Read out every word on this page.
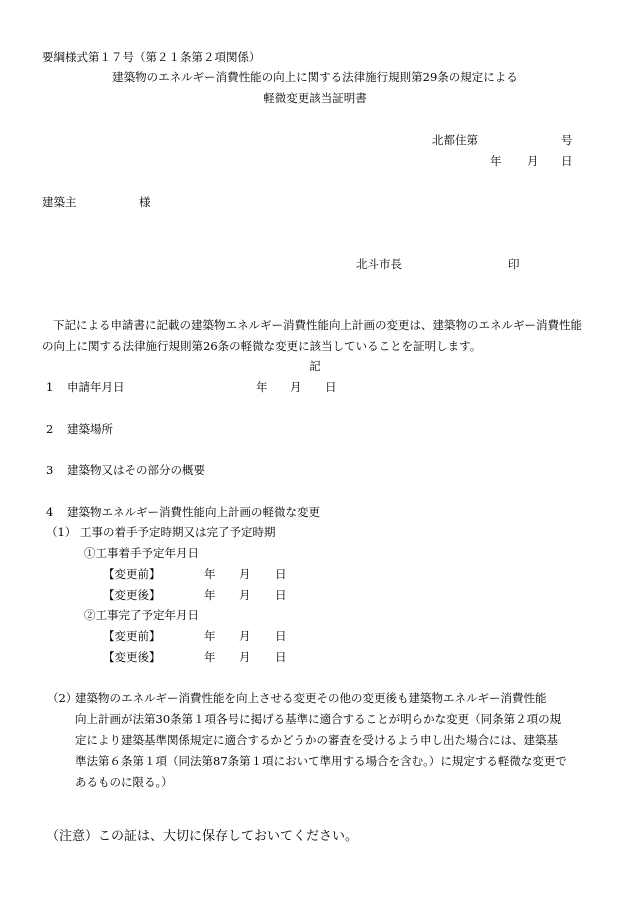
要綱様式第１７号（第２１条第２項関係）
建築物のエネルギー消費性能の向上に関する法律施行規則第29条の規定による
軽微変更該当証明書
北都住第	号
年 月 日
建築主	様
北斗市長	印

下記による申請書に記載の建築物エネルギー消費性能向上計画の変更は、建築物のエネルギー消費性能の向上に関する法律施行規則第26条の軽微な変更に該当していることを証明します。

記
1 申請年月日	年 月 日
2 建築場所
3 建築物又はその部分の概要
4 建築物エネルギー消費性能向上計画の軽微な変更
（1） 工事の着手予定時期又は完了予定時期
①工事着手予定年月日
【変更前】	年 月 日
【変更後】	年 月 日
②工事完了予定年月日
【変更前】	年 月 日
【変更後】	年 月 日
（2）建築物のエネルギー消費性能を向上させる変更その他の変更後も建築物エネルギー消費性能
向上計画が法第30条第１項各号に掲げる基準に適合することが明らかな変更（同条第２項の規定により建築基準関係規定に適合するかどうかの審査を受けるよう申し出た場合には、建築基準法第６条第１項（同法第87条第１項において準用する場合を含む。）に規定する軽微な変更であるものに限る。）
（注意）この証は、大切に保存しておいてください。
